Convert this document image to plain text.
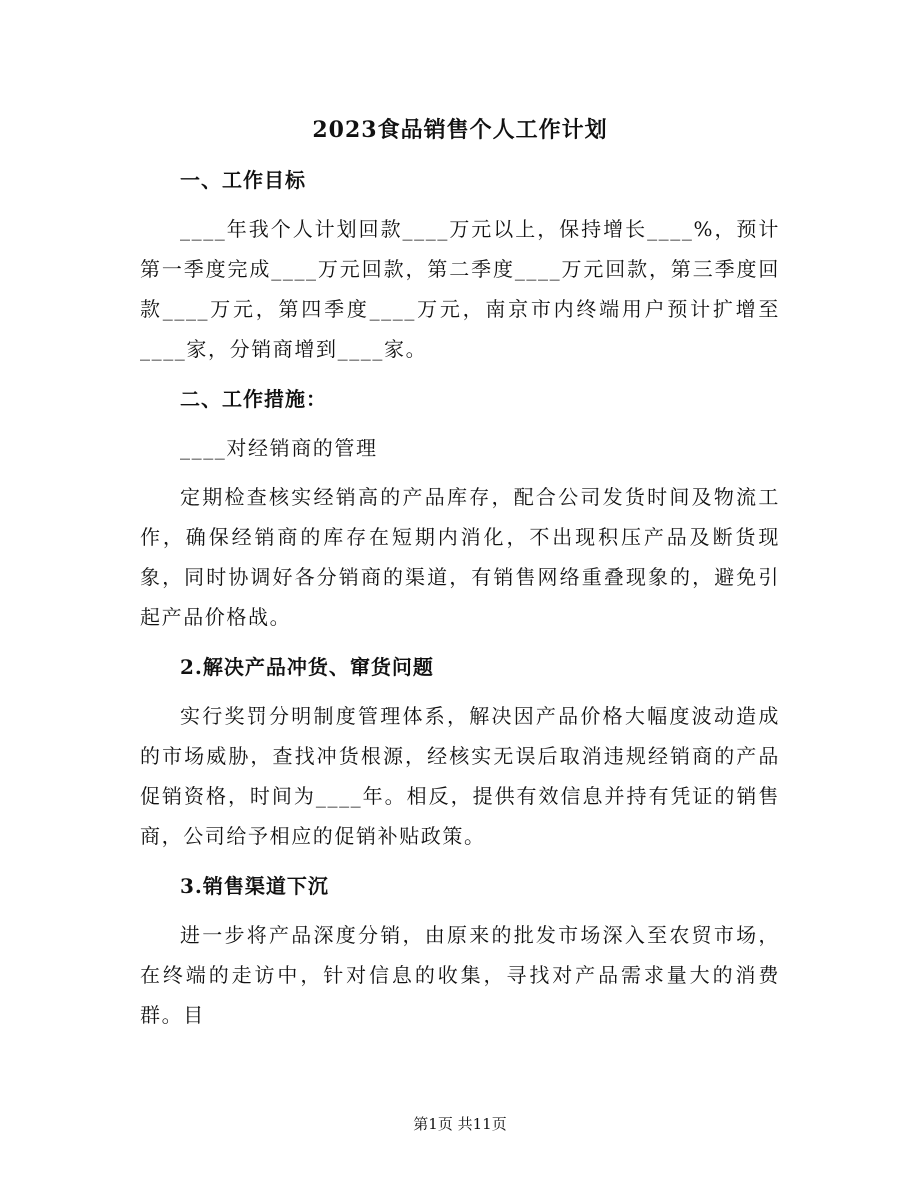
2023食品销售个人工作计划

一、工作目标

____年我个人计划回款____万元以上，保持增长____%，预计第一季度完成____万元回款，第二季度____万元回款，第三季度回款____万元，第四季度____万元，南京市内终端用户预计扩增至____家，分销商增到____家。

二、工作措施：

____对经销商的管理

定期检查核实经销高的产品库存，配合公司发货时间及物流工作，确保经销商的库存在短期内消化，不出现积压产品及断货现象，同时协调好各分销商的渠道，有销售网络重叠现象的，避免引起产品价格战。

2.解决产品冲货、窜货问题

实行奖罚分明制度管理体系，解决因产品价格大幅度波动造成的市场威胁，查找冲货根源，经核实无误后取消违规经销商的产品促销资格，时间为____年。相反，提供有效信息并持有凭证的销售商，公司给予相应的促销补贴政策。

3.销售渠道下沉

进一步将产品深度分销，由原来的批发市场深入至农贸市场，在终端的走访中，针对信息的收集，寻找对产品需求量大的消费群。目

第1页 共11页
